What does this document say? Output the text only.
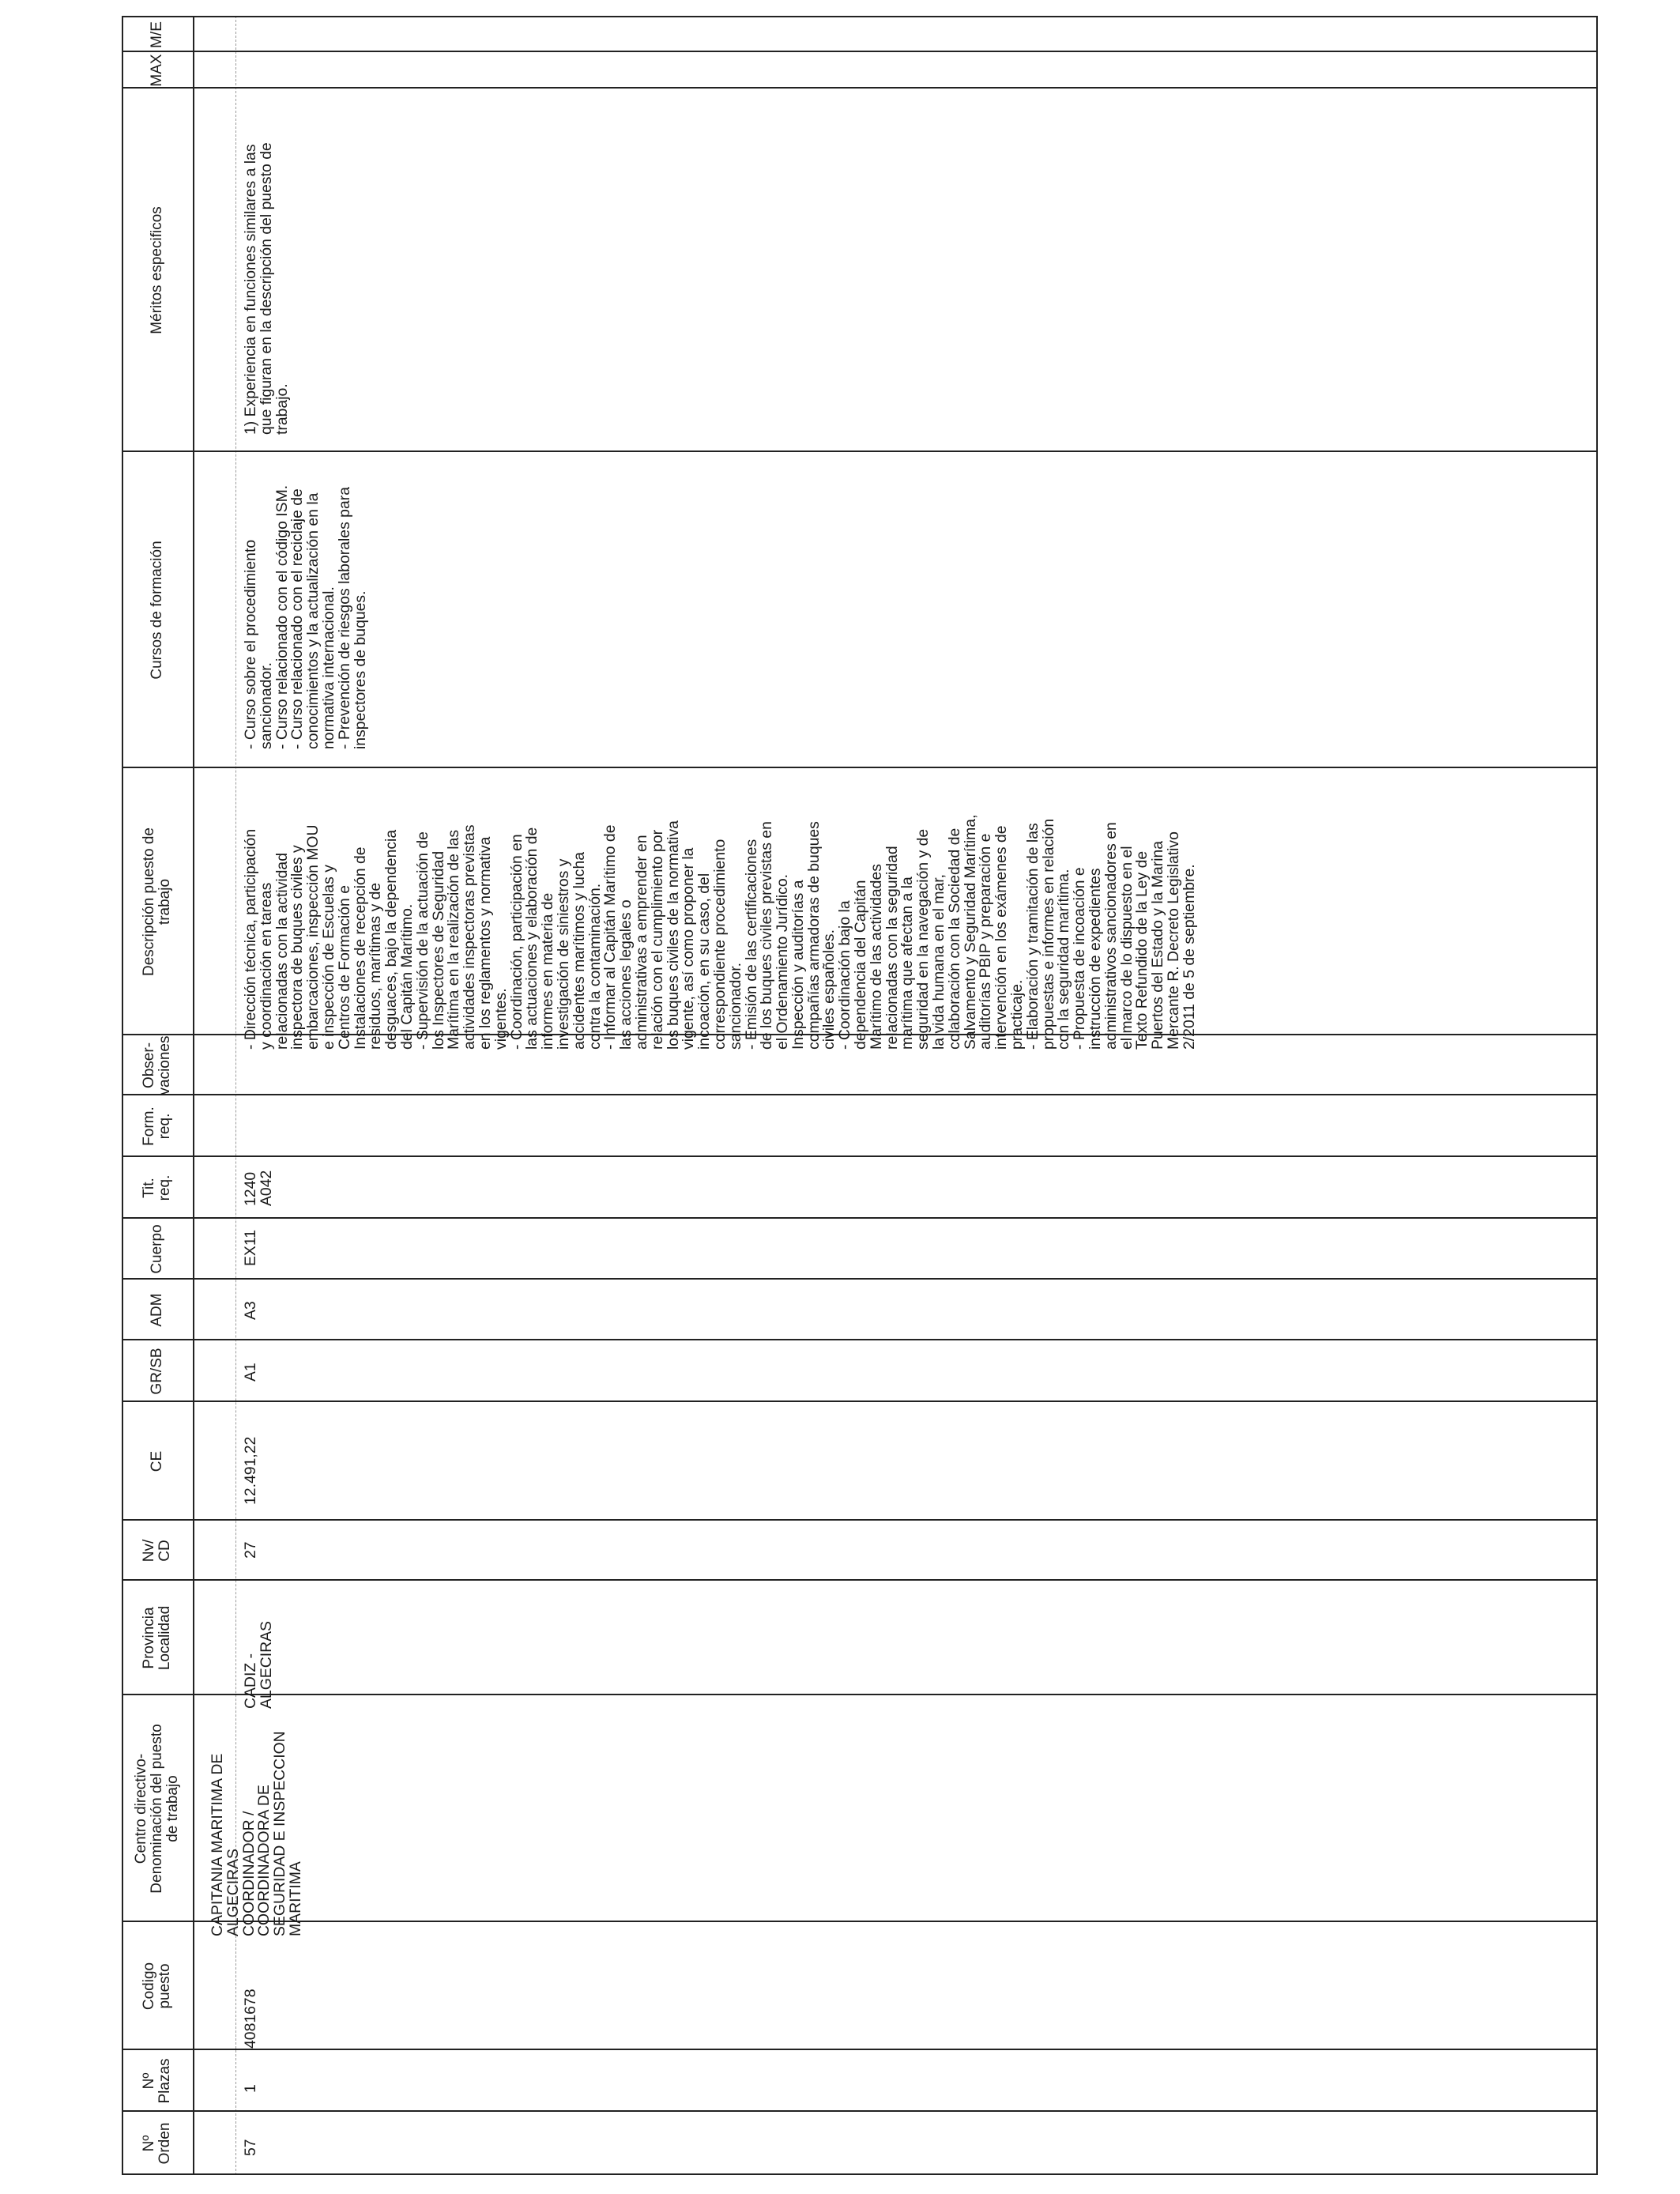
Nº
Orden
Nº
Plazas
Codigo
puesto
Centro directivo-
Denominación del puesto
de trabajo
Provincia
Localidad
Nv/
CD
CE
GR/SB
ADM
Cuerpo
Tit.
req.
Form.
req.
Obser-
vaciones
Descripción puesto de
trabajo
Cursos de formación
Méritos especificos
MAX
M/E
57
1
4081678
CAPITANIA MARITIMA DE
ALGECIRAS
COORDINADOR /
COORDINADORA DE
SEGURIDAD E INSPECCION
MARITIMA
CADIZ -
ALGECIRAS
27
12.491,22
A1
A3
EX11
1240
A042
- Dirección técnica, participación
y coordinación en tareas
relacionadas con la actividad
inspectora de buques civiles y
embarcaciones, inspección MOU
e inspección de Escuelas y
Centros de Formación e
Instalaciones de recepción de
residuos, marítimas y de
desguaces, bajo la dependencia
del Capitán Marítimo.
- Supervisión de la actuación de
los Inspectores de Seguridad
Marítima en la realización de las
actividades inspectoras previstas
en los reglamentos y normativa
vigentes.
- Coordinación, participación en
las actuaciones y elaboración de
informes en materia de
investigación de siniestros y
accidentes marítimos y lucha
contra la contaminación.
- Informar al Capitán Marítimo de
las acciones legales o
administrativas a emprender en
relación con el cumplimiento por
los buques civiles de la normativa
vigente, así como proponer la
incoación, en su caso, del
correspondiente procedimiento
sancionador.
- Emisión de las certificaciones
de los buques civiles previstas en
el Ordenamiento Jurídico.
Inspección y auditorías a
compañías armadoras de buques
civiles españoles.
- Coordinación bajo la
dependencia del Capitán
Marítimo de las actividades
relacionadas con la seguridad
marítima que afectan a la
seguridad en la navegación y de
la vida humana en el mar,
colaboración con la Sociedad de
Salvamento y Seguridad Marítima,
auditorías PBIP y preparación e
intervención en los exámenes de
practicaje.
- Elaboración y tramitación de las
propuestas e informes en relación
con la seguridad marítima.
- Propuesta de incoación e
instrucción de expedientes
administrativos sancionadores en
el marco de lo dispuesto en el
Texto Refundido de la Ley de
Puertos del Estado y la Marina
Mercante R. Decreto Legislativo
2/2011 de 5 de septiembre.
- Curso sobre el procedimiento
sancionador.
- Curso relacionado con el código ISM.
- Curso relacionado con el reciclaje de
conocimientos y la actualización en la
normativa internacional.
- Prevención de riesgos laborales para
inspectores de buques.
1) Experiencia en funciones similares a las
que figuran en la descripción del puesto de
trabajo.
